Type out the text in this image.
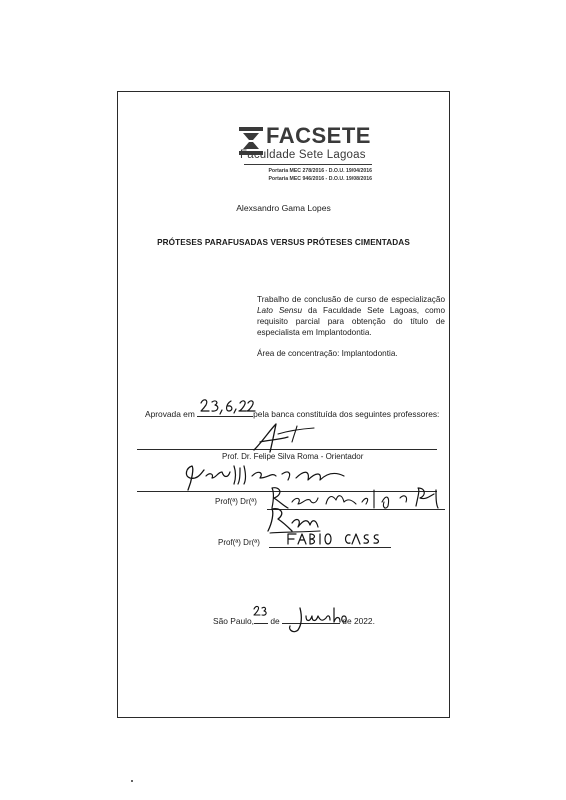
FACSETE
Faculdade Sete Lagoas
Portaria MEC 278/2016 - D.O.U. 19/04/2016
Portaria MEC 946/2016 - D.O.U. 19/08/2016
Alexsandro Gama Lopes
PRÓTESES PARAFUSADAS VERSUS PRÓTESES CIMENTADAS
Trabalho de conclusão de curso de especialização Lato Sensu da Faculdade Sete Lagoas, como requisito parcial para obtenção do título de especialista em Implantodontia.
Área de concentração: Implantodontia.
Aprovada em	pela banca constituída dos seguintes professores:
Prof. Dr. Felipe Silva Roma - Orientador
Prof(ª) Dr(ª)
Prof(ª) Dr(ª)
São Paulo, de	de 2022.
